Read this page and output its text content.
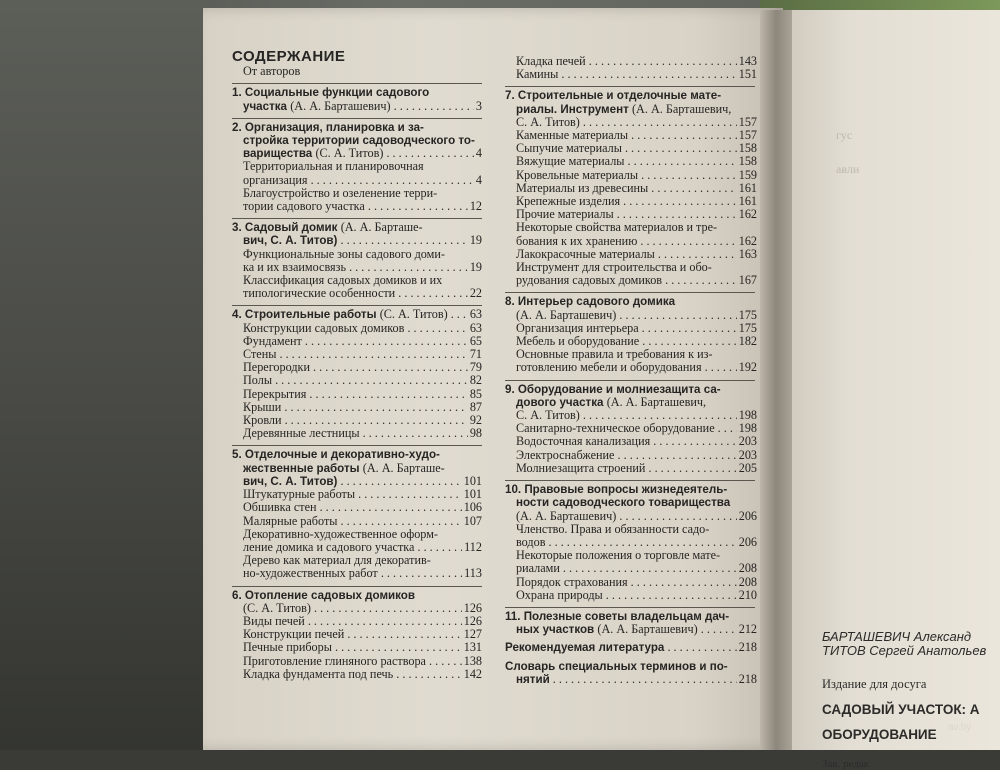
гус
авли
СОДЕРЖАНИЕ
От авторов
1. Социальные функции садового
участка (А. А. Барташевич) . . .	3
2. Организация, планировка и за-
стройка территории садоводческого то-
варищества (С. А. Титов) . . .	4
Территориальная и планировочная
организация . . .	4
Благоустройство и озеленение терри-
тории садового участка . . .	12
3. Садовый домик (А. А. Барташе-
вич, С. А. Титов) . . .	19
Функциональные зоны садового доми-
ка и их взаимосвязь . . .	19
Классификация садовых домиков и их
типологические особенности . . .	22
4. Строительные работы (С. А. Титов) . . .	63
Конструкции садовых домиков . . .	63
Фундамент . . .	65
Стены . . .	71
Перегородки . . .	79
Полы . . .	82
Перекрытия . . .	85
Крыши . . .	87
Кровли . . .	92
Деревянные лестницы . . .	98
5. Отделочные и декоративно-худо-
жественные работы (А. А. Барташе-
вич, С. А. Титов) . . .	101
Штукатурные работы . . .	101
Обшивка стен . . .	106
Малярные работы . . .	107
Декоративно-художественное оформ-
ление домика и садового участка . . .	112
Дерево как материал для декоратив-
но-художественных работ . . .	113
6. Отопление садовых домиков
(С. А. Титов) . . .	126
Виды печей . . .	126
Конструкции печей . . .	127
Печные приборы . . .	131
Приготовление глиняного раствора . . .	138
Кладка фундамента под печь . . .	142
Кладка печей . . .	143
Камины . . .	151
7. Строительные и отделочные мате-
риалы. Инструмент (А. А. Барташевич,
С. А. Титов) . . .	157
Каменные материалы . . .	157
Сыпучие материалы . . .	158
Вяжущие материалы . . .	158
Кровельные материалы . . .	159
Материалы из древесины . . .	161
Крепежные изделия . . .	161
Прочие материалы . . .	162
Некоторые свойства материалов и тре-
бования к их хранению . . .	162
Лакокрасочные материалы . . .	163
Инструмент для строительства и обо-
рудования садовых домиков . . .	167
8. Интерьер садового домика
(А. А. Барташевич) . . .	175
Организация интерьера . . .	175
Мебель и оборудование . . .	182
Основные правила и требования к из-
готовлению мебели и оборудования . . .	192
9. Оборудование и молниезащита са-
дового участка (А. А. Барташевич,
С. А. Титов) . . .	198
Санитарно-техническое оборудование . . .	198
Водосточная канализация . . .	203
Электроснабжение . . .	203
Молниезащита строений . . .	205
10. Правовые вопросы жизнедеятель-
ности садоводческого товарищества
(А. А. Барташевич) . . .	206
Членство. Права и обязанности садо-
водов . . .	206
Некоторые положения о торговле мате-
риалами . . .	208
Порядок страхования . . .	208
Охрана природы . . .	210
11. Полезные советы владельцам дач-
ных участков (А. А. Барташевич) . . .	212
Рекомендуемая литература . . .	218
Словарь специальных терминов и по-
нятий . . .	218
БАРТАШЕВИЧ Александ
ТИТОВ Сергей Анатольев
Издание для досуга
САДОВЫЙ УЧАСТОК: А
ОБОРУДОВАНИЕ
Зав. редак
av.by
